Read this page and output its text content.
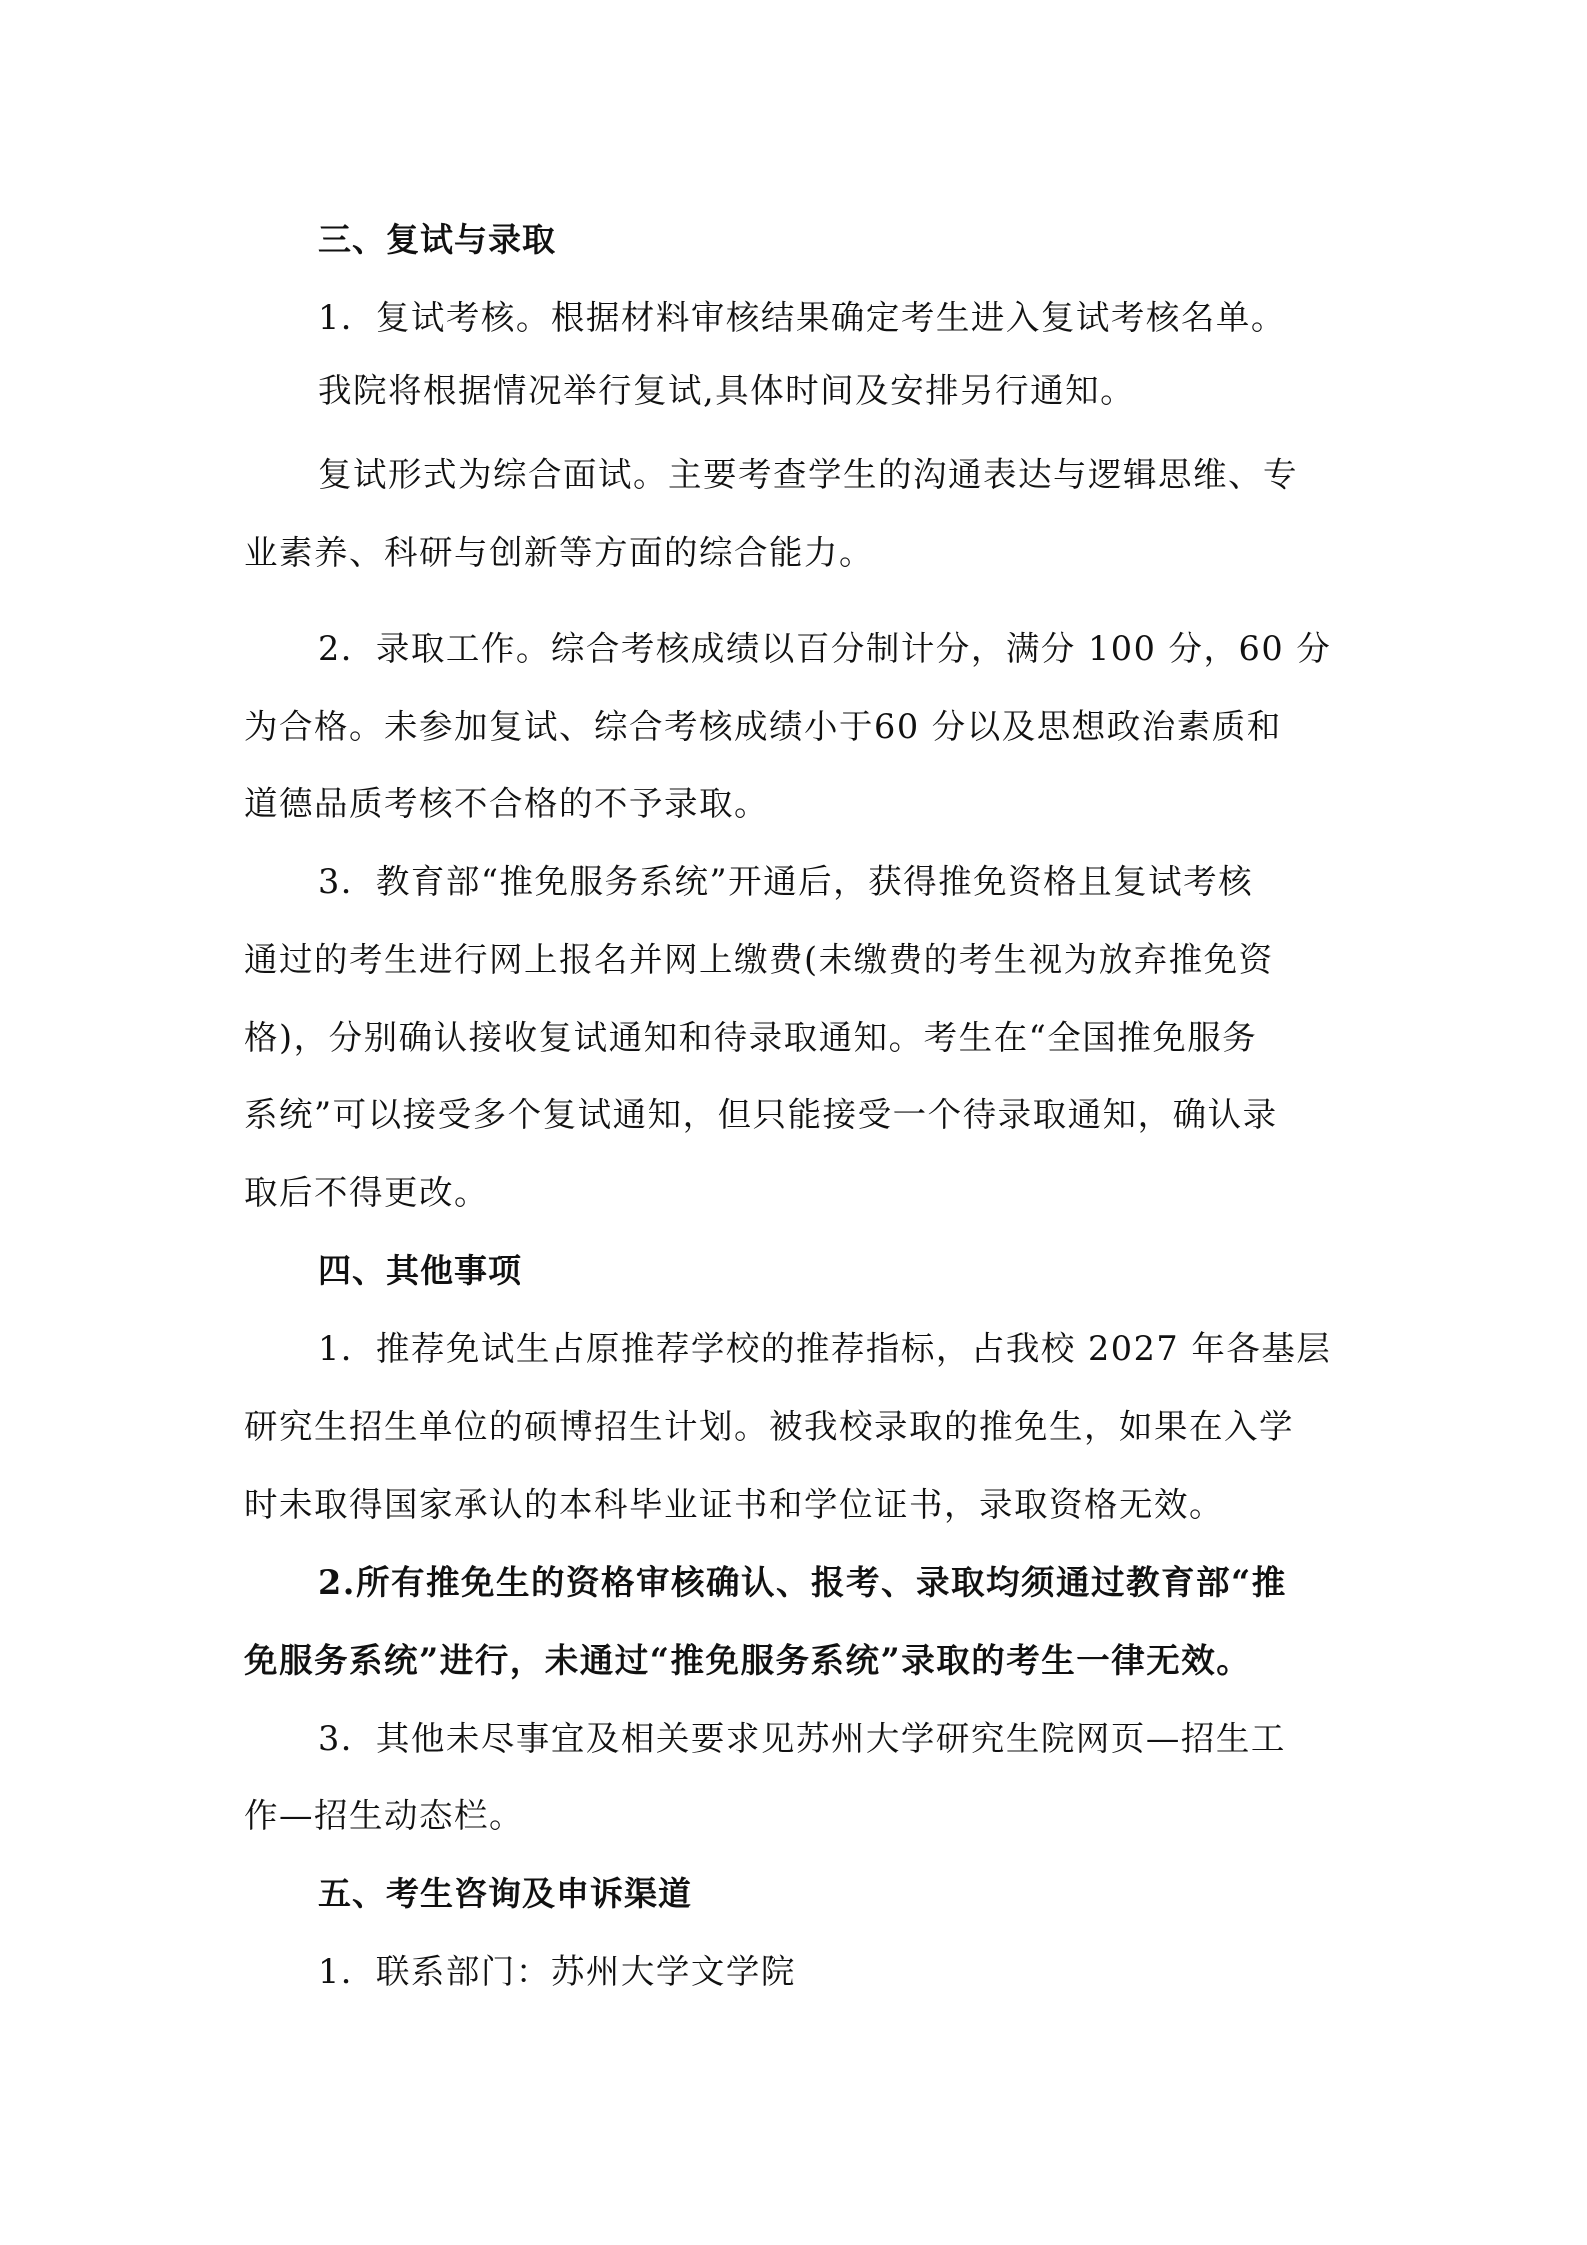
三、复试与录取
1．复试考核。根据材料审核结果确定考生进入复试考核名单。
我院将根据情况举行复试,具体时间及安排另行通知。
复试形式为综合面试。主要考查学生的沟通表达与逻辑思维、专
业素养、科研与创新等方面的综合能力。
2．录取工作。综合考核成绩以百分制计分，满分 100 分，60 分
为合格。未参加复试、综合考核成绩小于60 分以及思想政治素质和
道德品质考核不合格的不予录取。
3．教育部“推免服务系统”开通后，获得推免资格且复试考核
通过的考生进行网上报名并网上缴费(未缴费的考生视为放弃推免资
格)，分别确认接收复试通知和待录取通知。考生在“全国推免服务
系统”可以接受多个复试通知，但只能接受一个待录取通知，确认录
取后不得更改。
四、其他事项
1．推荐免试生占原推荐学校的推荐指标，占我校 2027 年各基层
研究生招生单位的硕博招生计划。被我校录取的推免生，如果在入学
时未取得国家承认的本科毕业证书和学位证书，录取资格无效。
2.所有推免生的资格审核确认、报考、录取均须通过教育部“推
免服务系统”进行，未通过“推免服务系统”录取的考生一律无效。
3．其他未尽事宜及相关要求见苏州大学研究生院网页—招生工
作—招生动态栏。
五、考生咨询及申诉渠道
1．联系部门：苏州大学文学院
